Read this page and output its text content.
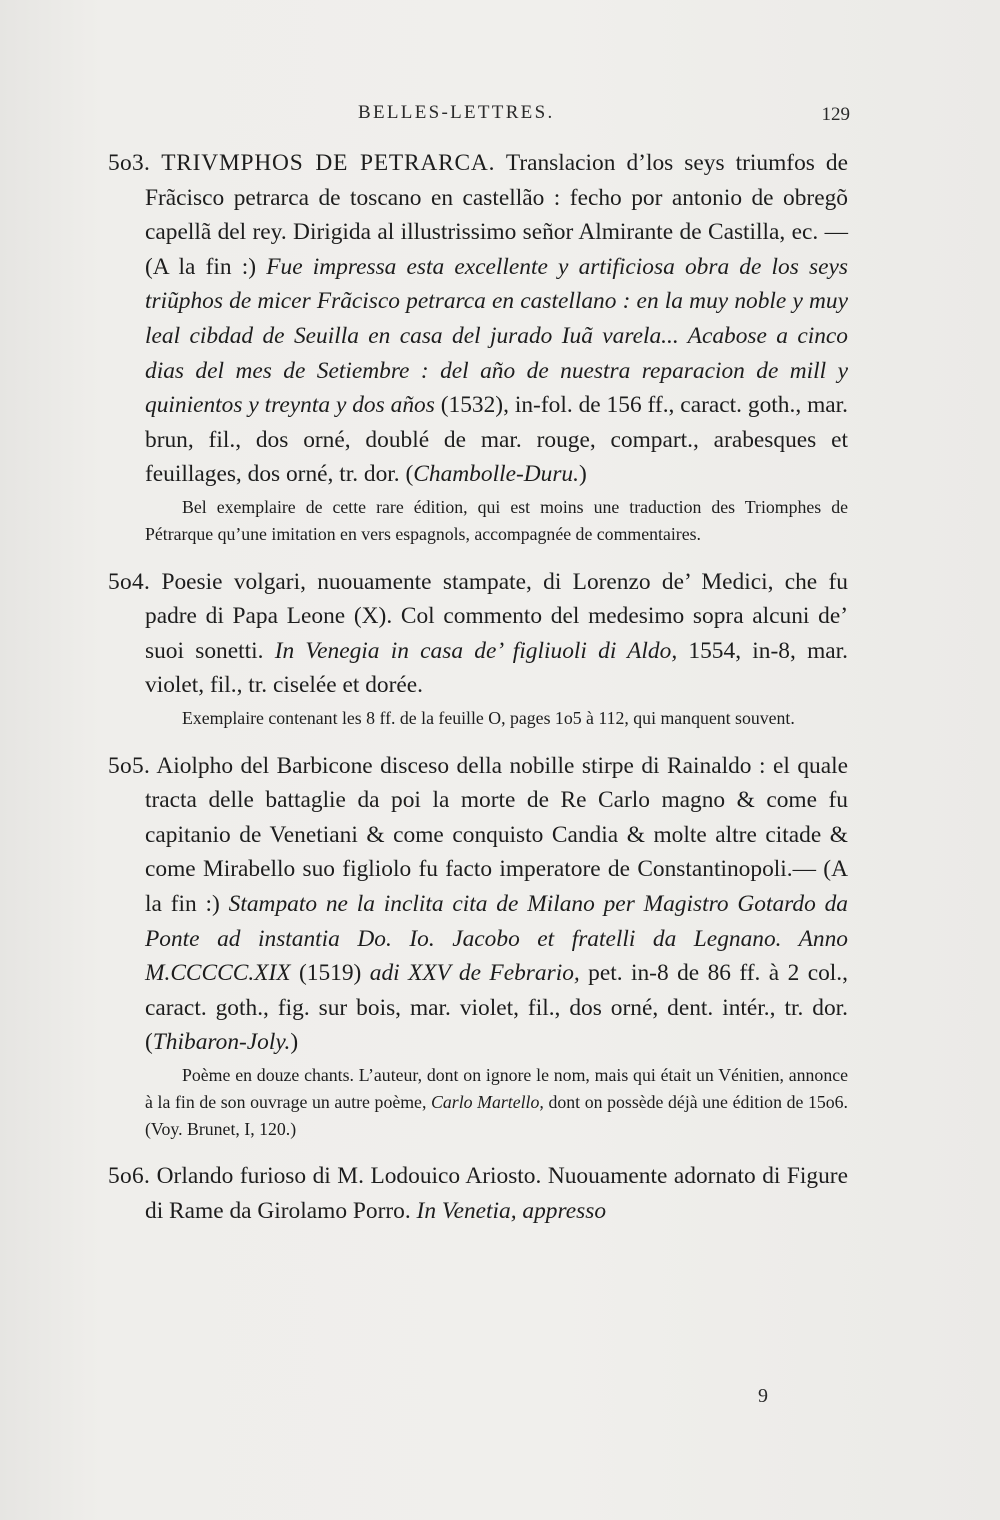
BELLES-LETTRES.	129

5o3. TRIVMPHOS DE PETRARCA. Translacion d’los seys triumfos de Frãcisco petrarca de toscano en castellão : fecho por antonio de obregõ capellã del rey. Dirigida al illustrissimo señor Almirante de Castilla, ec. — (A la fin :) Fue impressa esta excellente y artificiosa obra de los seys triũphos de micer Frãcisco petrarca en castellano : en la muy noble y muy leal cibdad de Seuilla en casa del jurado Iuã varela... Acabose a cinco dias del mes de Setiembre : del año de nuestra reparacion de mill y quinientos y treynta y dos años (1532), in-fol. de 156 ff., caract. goth., mar. brun, fil., dos orné, doublé de mar. rouge, compart., arabesques et feuillages, dos orné, tr. dor. (Chambolle-Duru.)

Bel exemplaire de cette rare édition, qui est moins une traduction des Triomphes de Pétrarque qu’une imitation en vers espagnols, accompagnée de commentaires.

5o4. Poesie volgari, nuouamente stampate, di Lorenzo de’ Medici, che fu padre di Papa Leone (X). Col commento del medesimo sopra alcuni de’ suoi sonetti. In Venegia in casa de’ figliuoli di Aldo, 1554, in-8, mar. violet, fil., tr. ciselée et dorée.

Exemplaire contenant les 8 ff. de la feuille O, pages 1o5 à 112, qui manquent souvent.

5o5. Aiolpho del Barbicone disceso della nobille stirpe di Rainaldo : el quale tracta delle battaglie da poi la morte de Re Carlo magno & come fu capitanio de Venetiani & come conquisto Candia & molte altre citade & come Mirabello suo figliolo fu facto imperatore de Constantinopoli.— (A la fin :) Stampato ne la inclita cita de Milano per Magistro Gotardo da Ponte ad instantia Do. Io. Jacobo et fratelli da Legnano. Anno M.CCCCC.XIX (1519) adi XXV de Febrario, pet. in-8 de 86 ff. à 2 col., caract. goth., fig. sur bois, mar. violet, fil., dos orné, dent. intér., tr. dor. (Thibaron-Joly.)

Poème en douze chants. L’auteur, dont on ignore le nom, mais qui était un Vénitien, annonce à la fin de son ouvrage un autre poème, Carlo Martello, dont on possède déjà une édition de 15o6. (Voy. Brunet, I, 120.)

5o6. Orlando furioso di M. Lodouico Ariosto. Nuouamente adornato di Figure di Rame da Girolamo Porro. In Venetia, appresso

9
